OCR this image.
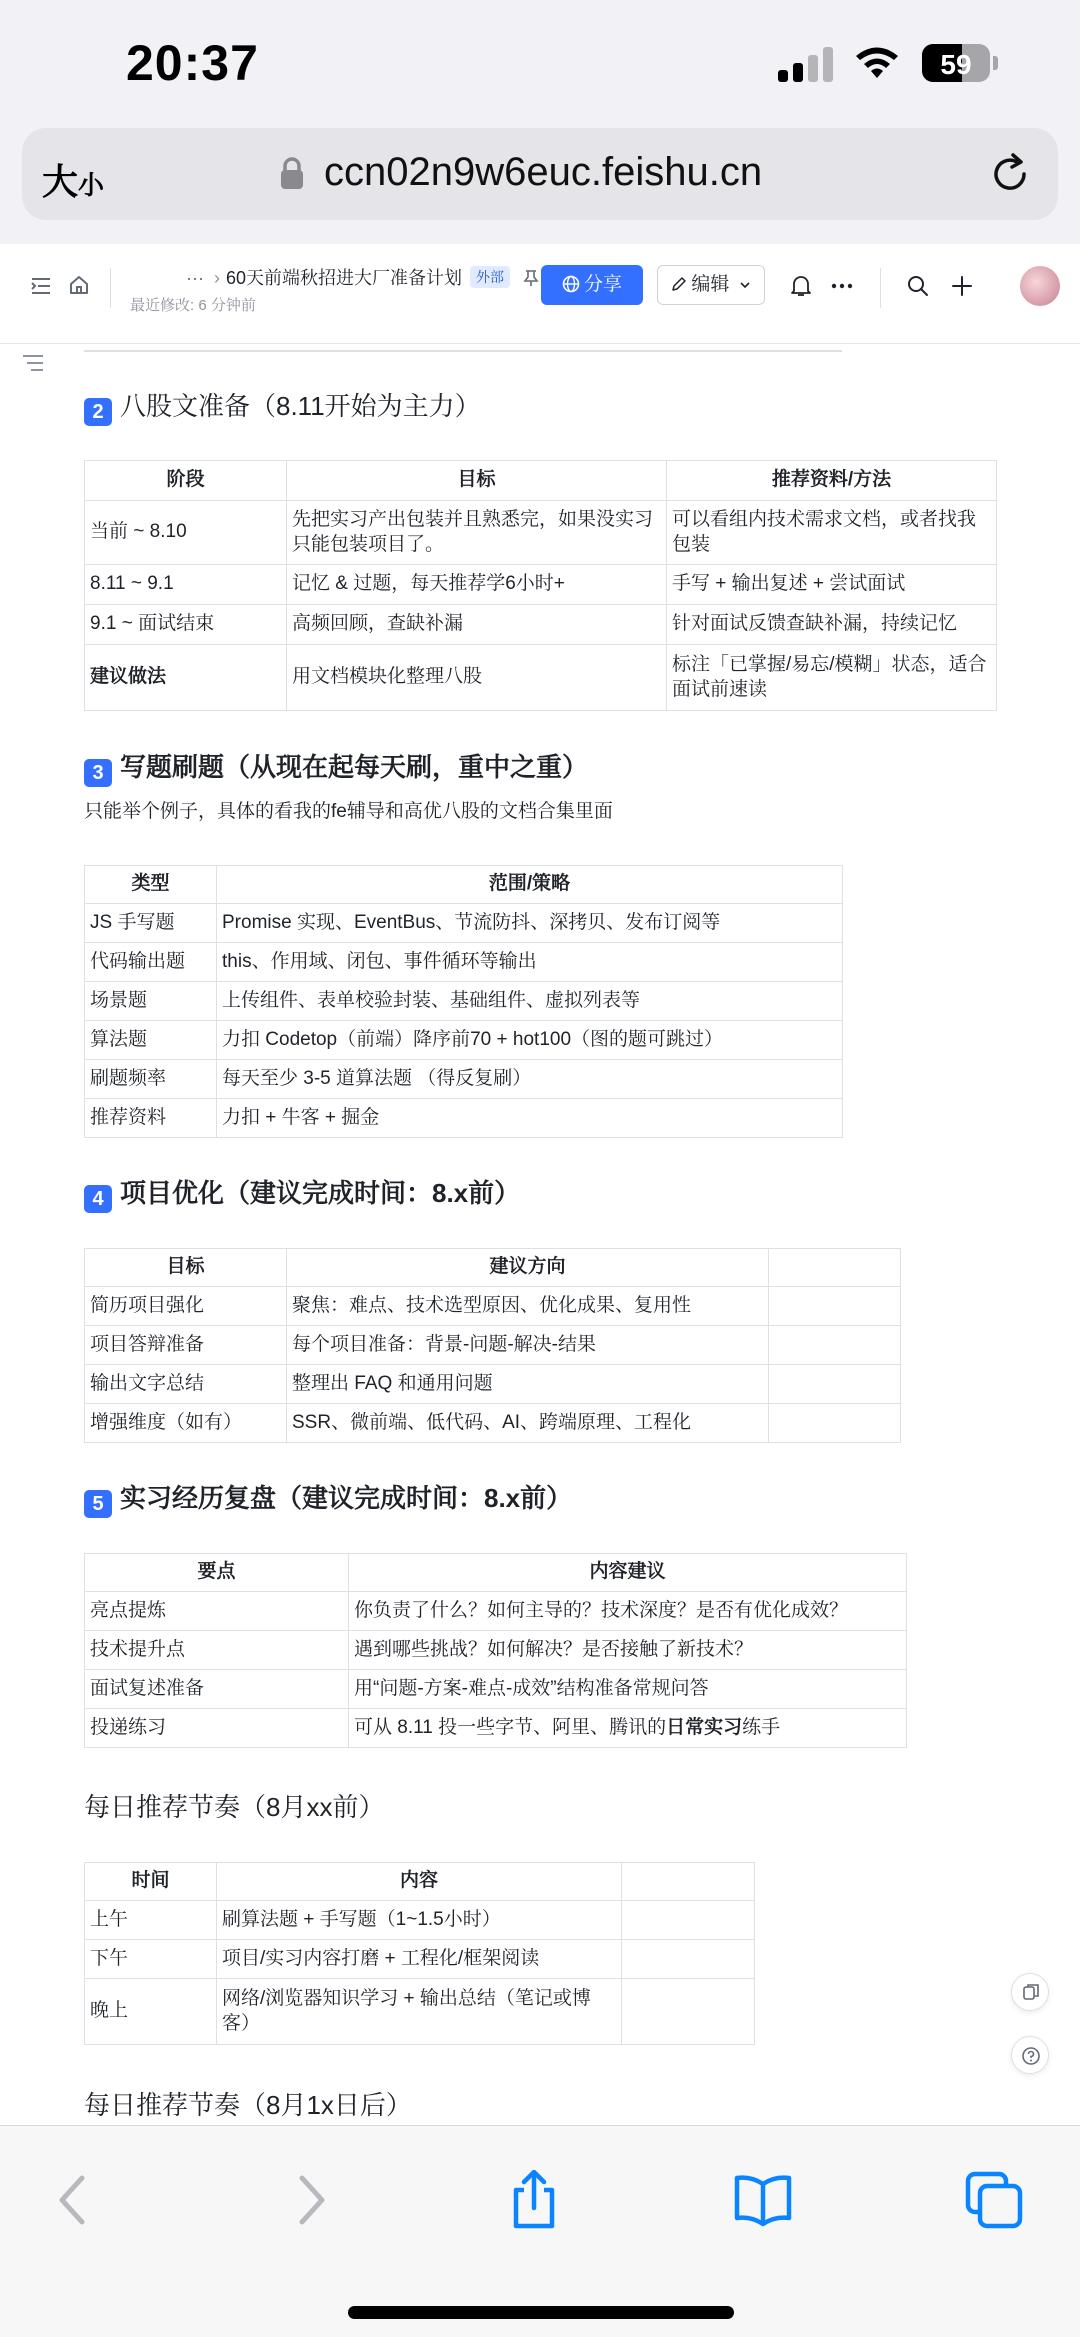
20:37	59
大小	ccn02n9w6euc.feishu.cn
··· › 60天前端秋招进大厂准备计划 外部
最近修改: 6 分钟前
分享	编辑
2 八股文准备（8.11开始为主力）
阶段	目标	推荐资料/方法
当前 ~ 8.10	先把实习产出包装并且熟悉完，如果没实习只能包装项目了。	可以看组内技术需求文档，或者找我包装
8.11 ~ 9.1	记忆 & 过题，每天推荐学6小时+	手写 + 输出复述 + 尝试面试
9.1 ~ 面试结束	高频回顾，查缺补漏	针对面试反馈查缺补漏，持续记忆
建议做法	用文档模块化整理八股	标注「已掌握/易忘/模糊」状态，适合面试前速读
3 写题刷题（从现在起每天刷，重中之重）
只能举个例子，具体的看我的fe辅导和高优八股的文档合集里面
类型	范围/策略
JS 手写题	Promise 实现、EventBus、节流防抖、深拷贝、发布订阅等
代码输出题	this、作用域、闭包、事件循环等输出
场景题	上传组件、表单校验封装、基础组件、虚拟列表等
算法题	力扣 Codetop（前端）降序前70 + hot100（图的题可跳过）
刷题频率	每天至少 3-5 道算法题 （得反复刷）
推荐资料	力扣 + 牛客 + 掘金
4 项目优化（建议完成时间：8.x前）
目标	建议方向	
简历项目强化	聚焦：难点、技术选型原因、优化成果、复用性	
项目答辩准备	每个项目准备：背景-问题-解决-结果	
输出文字总结	整理出 FAQ 和通用问题	
增强维度（如有）	SSR、微前端、低代码、AI、跨端原理、工程化	
5 实习经历复盘（建议完成时间：8.x前）
要点	内容建议
亮点提炼	你负责了什么？如何主导的？技术深度？是否有优化成效？
技术提升点	遇到哪些挑战？如何解决？是否接触了新技术？
面试复述准备	用“问题-方案-难点-成效”结构准备常规问答
投递练习	可从 8.11 投一些字节、阿里、腾讯的日常实习练手
每日推荐节奏（8月xx前）
时间	内容	
上午	刷算法题 + 手写题（1~1.5小时）	
下午	项目/实习内容打磨 + 工程化/框架阅读	
晚上	网络/浏览器知识学习 + 输出总结（笔记或博客）	
每日推荐节奏（8月1x日后）
